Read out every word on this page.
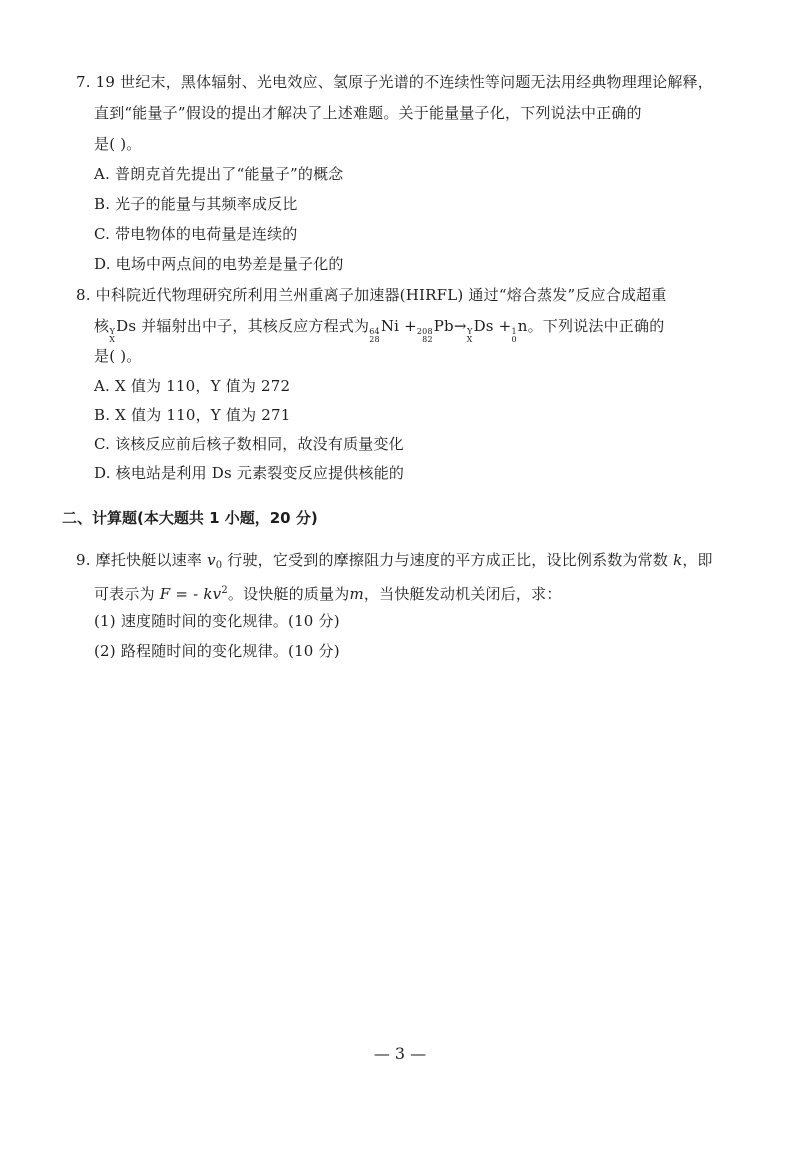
7. 19 世纪末，黑体辐射、光电效应、氢原子光谱的不连续性等问题无法用经典物理理论解释，
直到“能量子”假设的提出才解决了上述难题。关于能量量子化，下列说法中正确的
是( )。
A. 普朗克首先提出了“能量子”的概念
B. 光子的能量与其频率成反比
C. 带电物体的电荷量是连续的
D. 电场中两点间的电势差是量子化的
8. 中科院近代物理研究所利用兰州重离子加速器(HIRFL) 通过“熔合蒸发”反应合成超重
核 Y
X
Ds 并辐射出中子，其核反应方程式为 64
28
Ni + 208
82
Pb→ Y
X
Ds + 1
0
n。下列说法中正确的
是( )。
A. X 值为 110，Y 值为 272
B. X 值为 110，Y 值为 271
C. 该核反应前后核子数相同，故没有质量变化
D. 核电站是利用 Ds 元素裂变反应提供核能的
二、计算题(本大题共 1 小题，20 分)
9. 摩托快艇以速率 $v_0$ 行驶，它受到的摩擦阻力与速度的平方成正比，设比例系数为常数 k，即
可表示为 F = - $kv^2$。设快艇的质量为m，当快艇发动机关闭后，求：
(1) 速度随时间的变化规律。(10 分)
(2) 路程随时间的变化规律。(10 分)
— 3 —
